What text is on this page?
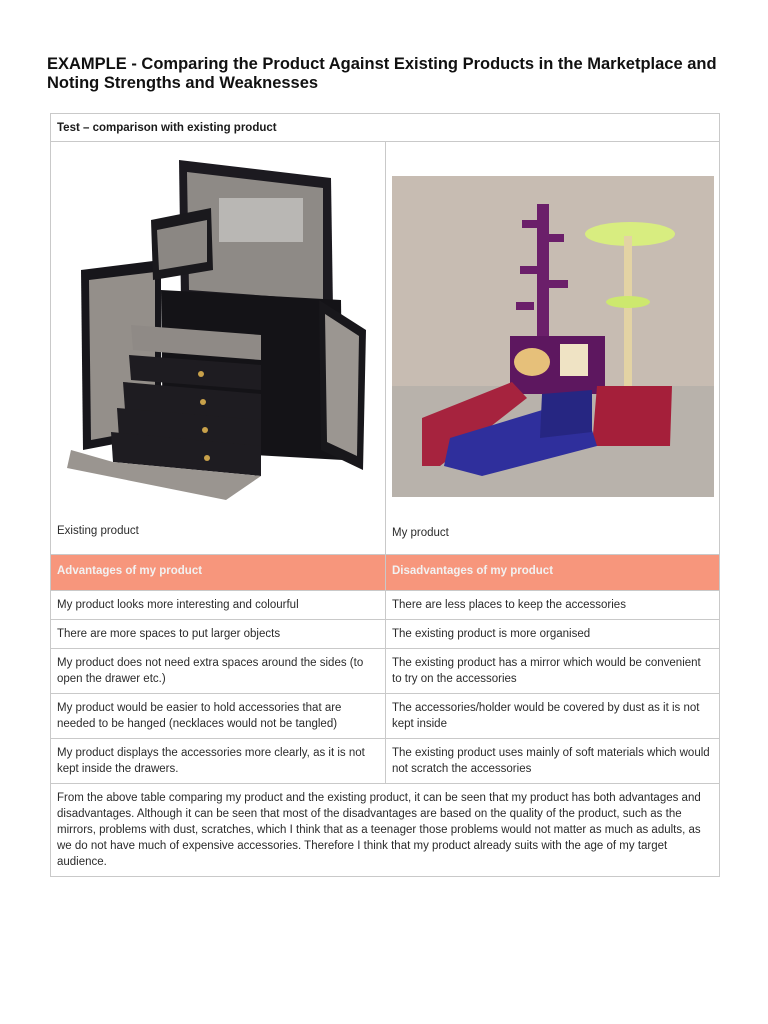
EXAMPLE - Comparing the Product Against Existing Products in the Marketplace and Noting Strengths and Weaknesses
Test – comparison with existing product	

Existing product	My product

Advantages of my product	Disadvantages of my product
My product looks more interesting and colourful	There are less places to keep the accessories
There are more spaces to put larger objects	The existing product is more organised
My product does not need extra spaces around the sides (to open the drawer etc.)	The existing product has a mirror which would be convenient to try on the accessories
My product would be easier to hold accessories that are needed to be hanged (necklaces would not be tangled)	The accessories/holder would be covered by dust as it is not kept inside
My product displays the accessories more clearly, as it is not kept inside the drawers.	The existing product uses mainly of soft materials which would not scratch the accessories
From the above table comparing my product and the existing product, it can be seen that my product has both advantages and disadvantages. Although it can be seen that most of the disadvantages are based on the quality of the product, such as the mirrors, problems with dust, scratches, which I think that as a teenager those problems would not matter as much as adults, as we do not have much of expensive accessories. Therefore I think that my product already suits with the age of my target audience.	
